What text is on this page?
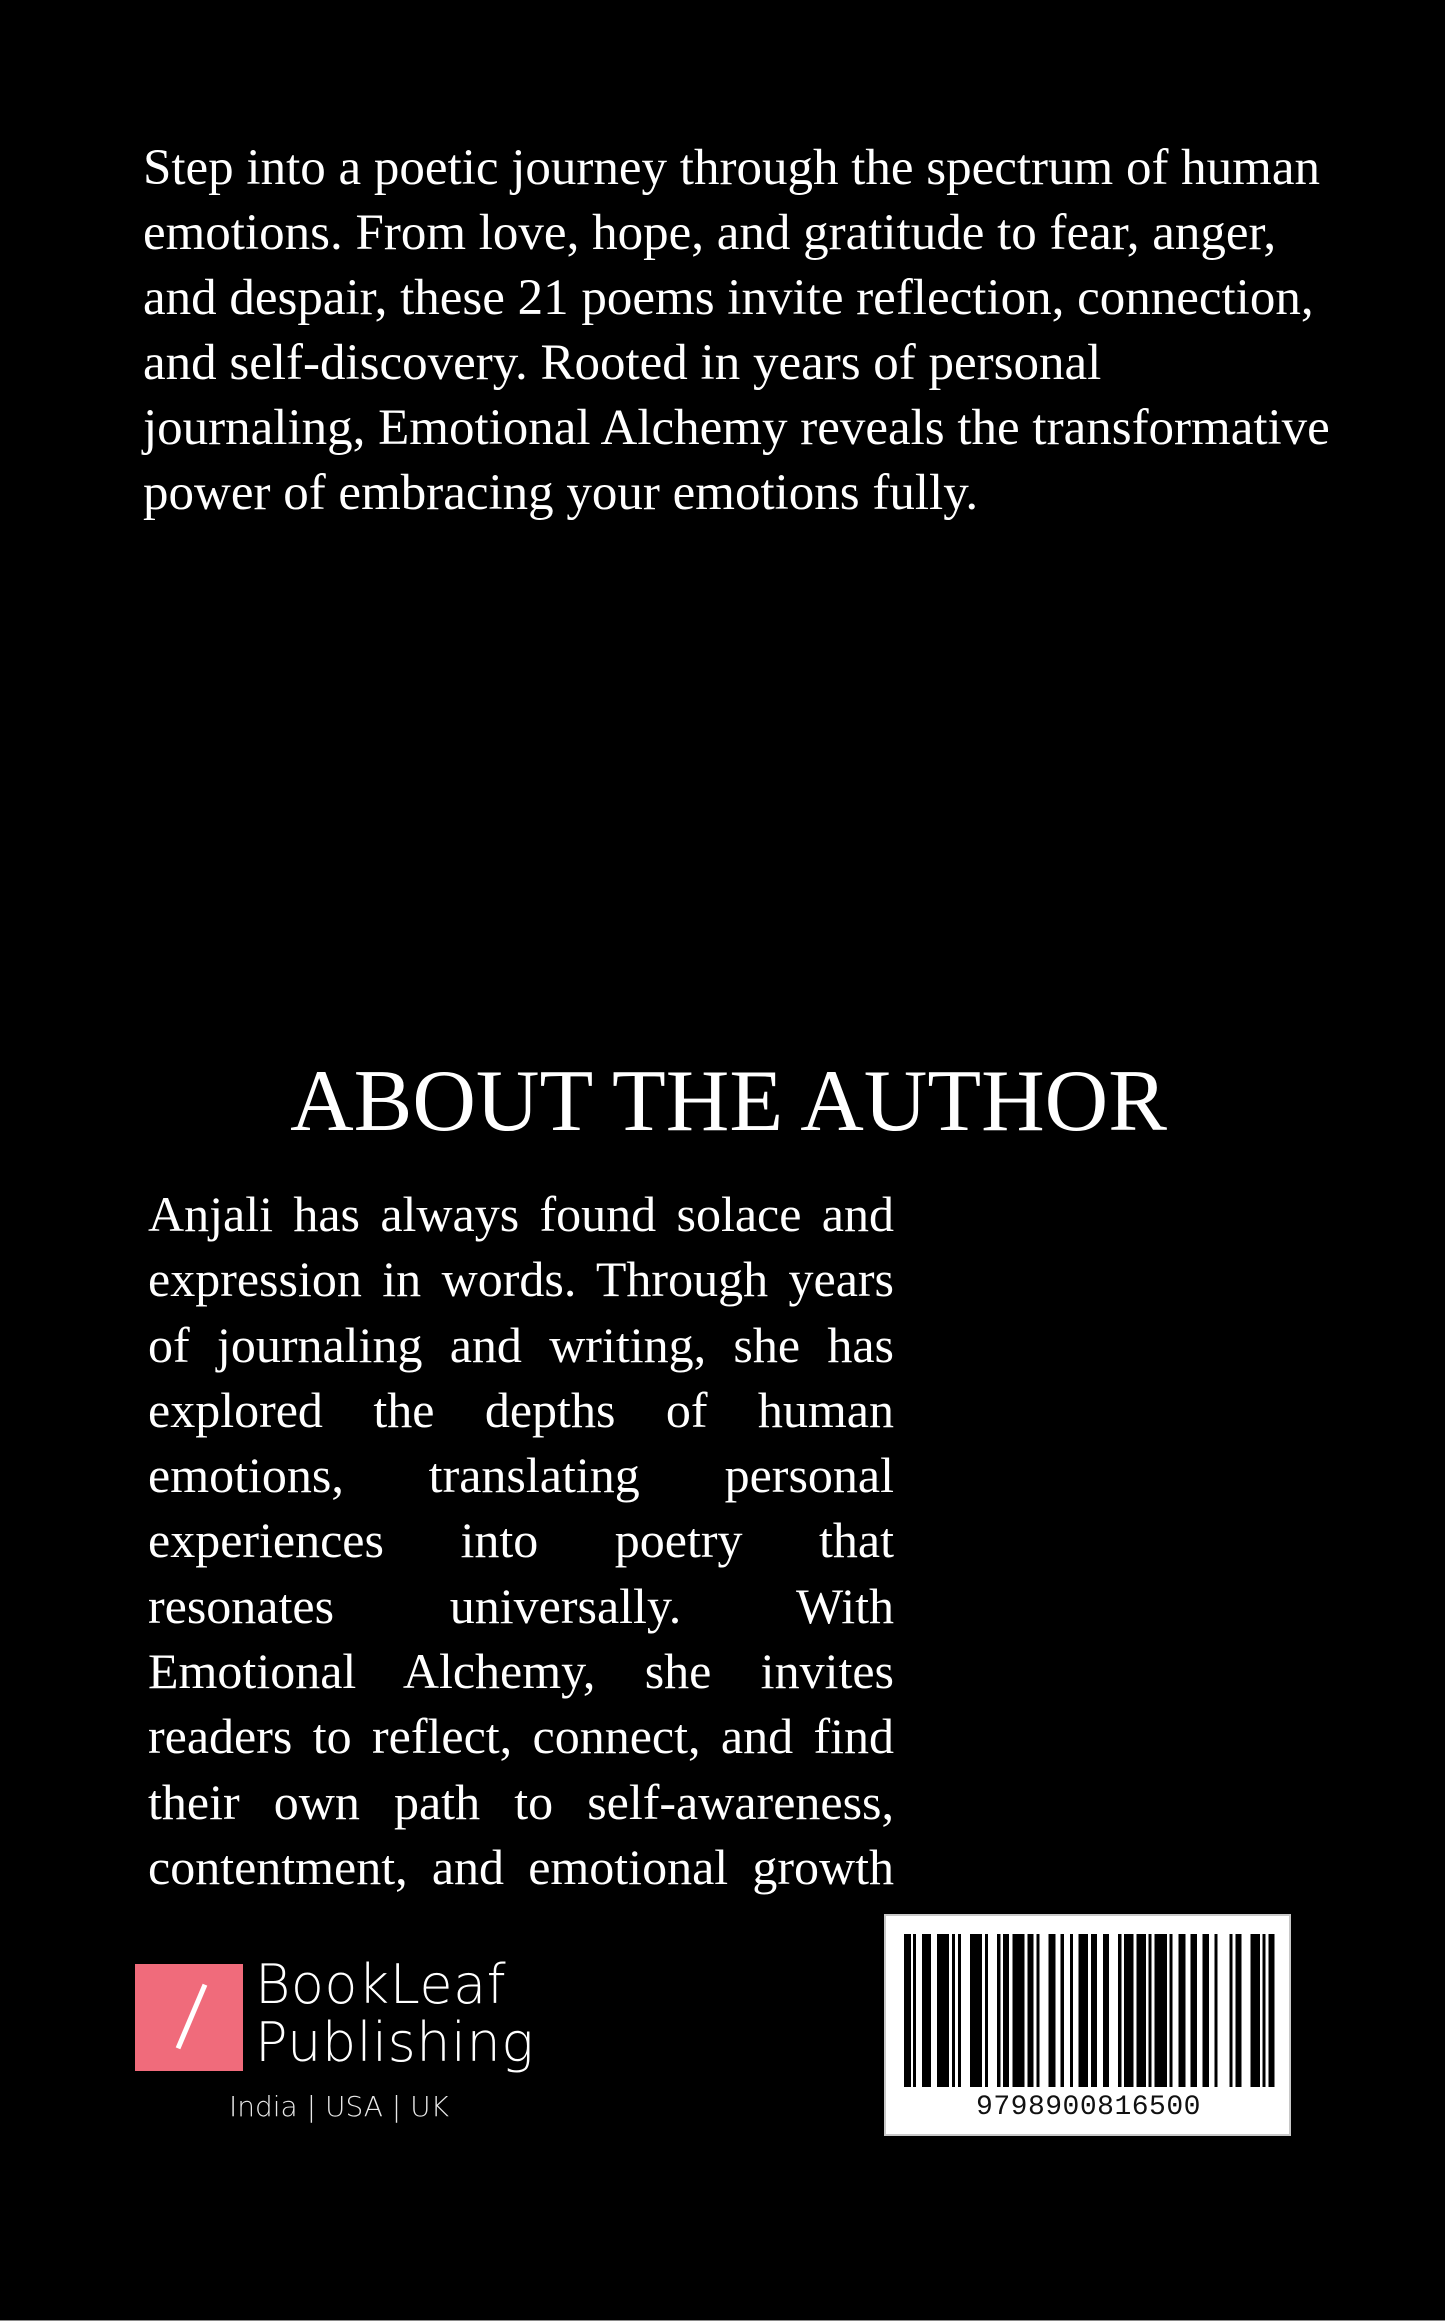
Step into a poetic journey through the spectrum of human
emotions. From love, hope, and gratitude to fear, anger,
and despair, these 21 poems invite reflection, connection,
and self-discovery. Rooted in years of personal
journaling, Emotional Alchemy reveals the transformative
power of embracing your emotions fully.
ABOUT THE AUTHOR
Anjali has always found solace and
expression in words. Through years
of journaling and writing, she has
explored the depths of human
emotions, translating personal
experiences into poetry that
resonates universally. With
Emotional Alchemy, she invites
readers to reflect, connect, and find
their own path to self-awareness,
contentment, and emotional growth
BookLeaf
Publishing
India | USA | UK	9798900816500
